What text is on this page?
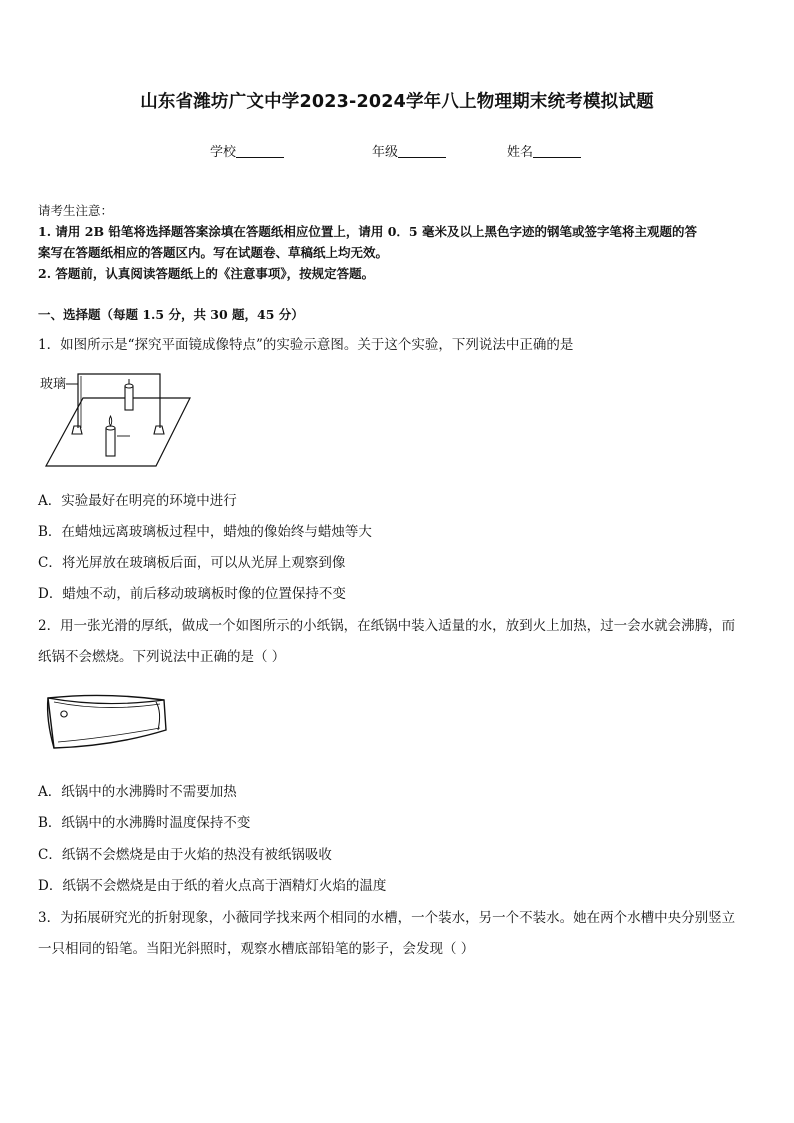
山东省潍坊广文中学2023-2024学年八上物理期末统考模拟试题
学校	年级	姓名
请考生注意：
1. 请用 2B 铅笔将选择题答案涂填在答题纸相应位置上，请用 0．5 毫米及以上黑色字迹的钢笔或签字笔将主观题的答
案写在答题纸相应的答题区内。写在试题卷、草稿纸上均无效。
2. 答题前，认真阅读答题纸上的《注意事项》，按规定答题。
一、选择题（每题 1.5 分，共 30 题，45 分）
1．如图所示是“探究平面镜成像特点”的实验示意图。关于这个实验，下列说法中正确的是
玻璃
A．实验最好在明亮的环境中进行
B．在蜡烛远离玻璃板过程中，蜡烛的像始终与蜡烛等大
C．将光屏放在玻璃板后面，可以从光屏上观察到像
D．蜡烛不动，前后移动玻璃板时像的位置保持不变
2．用一张光滑的厚纸，做成一个如图所示的小纸锅，在纸锅中装入适量的水，放到火上加热，过一会水就会沸腾，而
纸锅不会燃烧。下列说法中正确的是（ ）
A．纸锅中的水沸腾时不需要加热
B．纸锅中的水沸腾时温度保持不变
C．纸锅不会燃烧是由于火焰的热没有被纸锅吸收
D．纸锅不会燃烧是由于纸的着火点高于酒精灯火焰的温度
3．为拓展研究光的折射现象，小薇同学找来两个相同的水槽，一个装水，另一个不装水。她在两个水槽中央分别竖立
一只相同的铅笔。当阳光斜照时，观察水槽底部铅笔的影子，会发现（ ）
